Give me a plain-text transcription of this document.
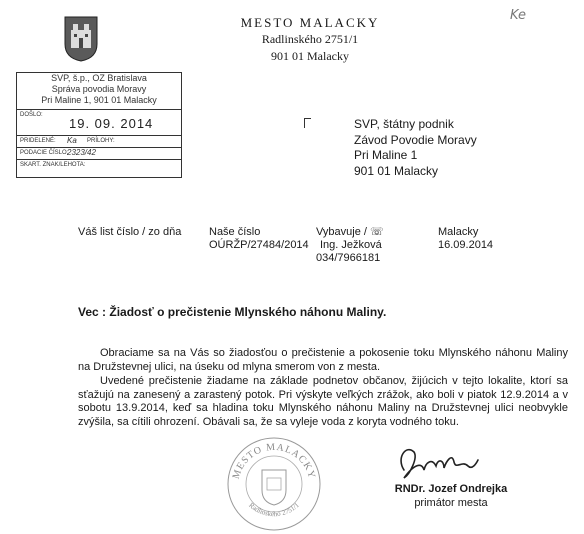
MESTO MALACKY
Radlinského 2751/1
901 01 Malacky
Ke
SVP, š.p., OZ Bratislava
Správa povodia Moravy
Pri Maline 1, 901 01 Malacky
DOŠLO:
19. 09. 2014
PRIDELENÉ: Ka PRÍLOHY:
PODACIE ČÍSLO:
2323/42
SKART. ZNAK/LEHOTA:
SVP, štátny podnik
Závod Povodie Moravy
Pri Maline 1
901 01 Malacky
Váš list číslo / zo dňa	Naše číslo
OÚRŽP/27484/2014
Vybavuje / ☏
Ing. Ježková
034/7966181
Malacky
16.09.2014
Vec : Žiadosť o prečistenie Mlynského náhonu Maliny.

Obraciame sa na Vás so žiadosťou o prečistenie a pokosenie toku Mlynského náhonu Maliny na Družstevnej ulici, na úseku od mlyna smerom von z mesta.

Uvedené prečistenie žiadame na základe podnetov občanov, žijúcich v tejto lokalite, ktorí sa sťažujú na zanesený a zarastený potok. Pri výskyte veľkých zrážok, ako boli v piatok 12.9.2014 a v sobotu 13.9.2014, keď sa hladina toku Mlynského náhonu Maliny na Družstevnej ulici neobvykle zvýšila, sa cítili ohrození. Obávali sa, že sa vyleje voda z koryta vodného toku.

MESTO MALACKY
Radlinského 2751/1
RNDr. Jozef Ondrejka
primátor mesta
